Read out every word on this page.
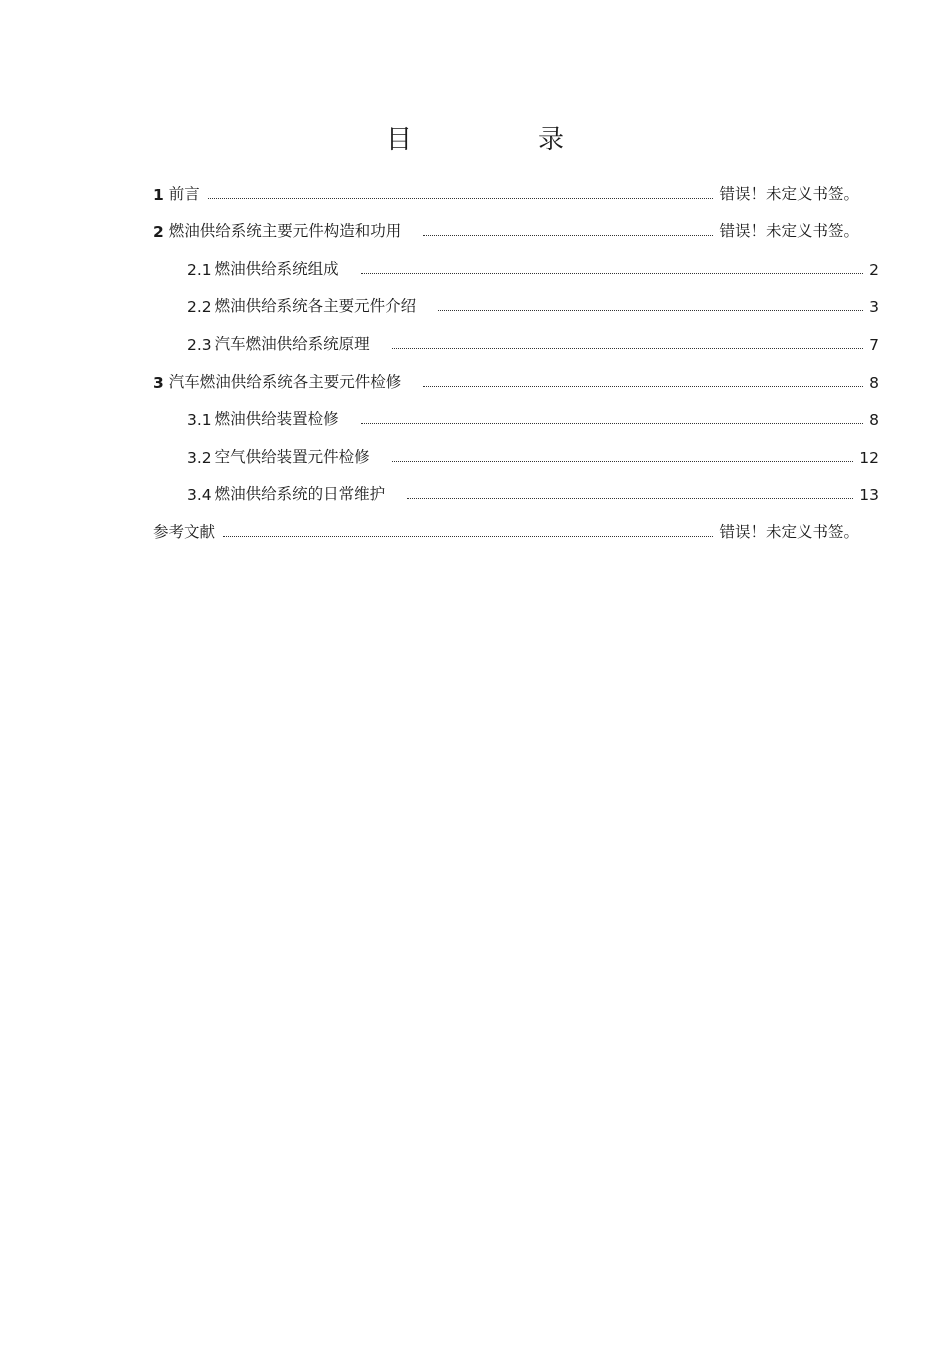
目　录
1 前言	错误！未定义书签。
2 燃油供给系统主要元件构造和功用	错误！未定义书签。
2.1 燃油供给系统组成	2
2.2 燃油供给系统各主要元件介绍	3
2.3 汽车燃油供给系统原理	7
3 汽车燃油供给系统各主要元件检修	8
3.1 燃油供给装置检修	8
3.2 空气供给装置元件检修	12
3.4 燃油供给系统的日常维护	13
参考文献	错误！未定义书签。
